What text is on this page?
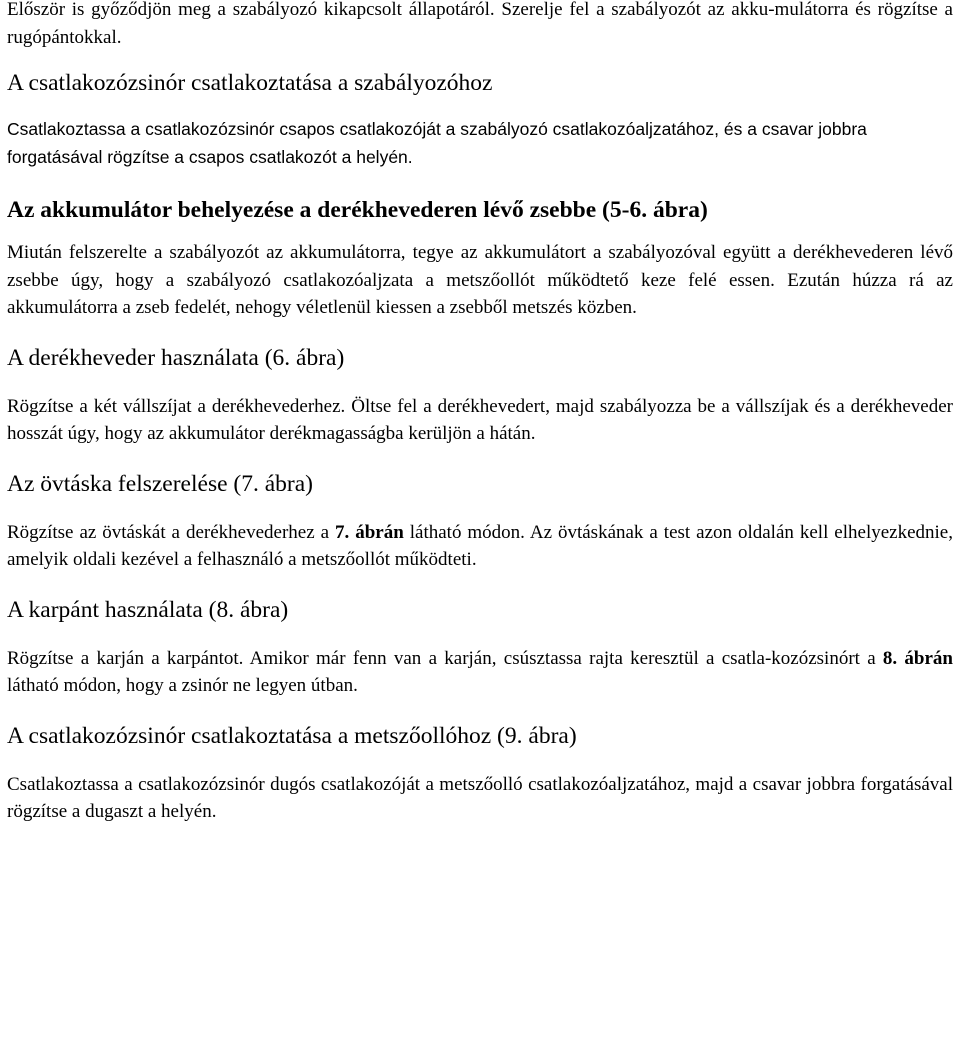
Először is győződjön meg a szabályozó kikapcsolt állapotáról. Szerelje fel a szabályozót az akku-mulátorra és rögzítse a rugópántokkal.

A csatlakozózsinór csatlakoztatása a szabályozóhoz

Csatlakoztassa a csatlakozózsinór csapos csatlakozóját a szabályozó csatlakozóaljzatához, és a csavar jobbra forgatásával rögzítse a csapos csatlakozót a helyén.

Az akkumulátor behelyezése a derékhevederen lévő zsebbe (5-6. ábra)

Miután felszerelte a szabályozót az akkumulátorra, tegye az akkumulátort a szabályozóval együtt a derékhevederen lévő zsebbe úgy, hogy a szabályozó csatlakozóaljzata a metszőollót működtető keze felé essen. Ezután húzza rá az akkumulátorra a zseb fedelét, nehogy véletlenül kiessen a zsebből metszés közben.

A derékheveder használata (6. ábra)

Rögzítse a két vállszíjat a derékhevederhez. Öltse fel a derékhevedert, majd szabályozza be a vállszíjak és a derékheveder hosszát úgy, hogy az akkumulátor derékmagasságba kerüljön a hátán.

Az övtáska felszerelése (7. ábra)

Rögzítse az övtáskát a derékhevederhez a 7. ábrán látható módon. Az övtáskának a test azon oldalán kell elhelyezkednie, amelyik oldali kezével a felhasználó a metszőollót működteti.

A karpánt használata (8. ábra)

Rögzítse a karján a karpántot. Amikor már fenn van a karján, csúsztassa rajta keresztül a csatla-kozózsinórt a 8. ábrán látható módon, hogy a zsinór ne legyen útban.

A csatlakozózsinór csatlakoztatása a metszőollóhoz (9. ábra)

Csatlakoztassa a csatlakozózsinór dugós csatlakozóját a metszőolló csatlakozóaljzatához, majd a csavar jobbra forgatásával rögzítse a dugaszt a helyén.
